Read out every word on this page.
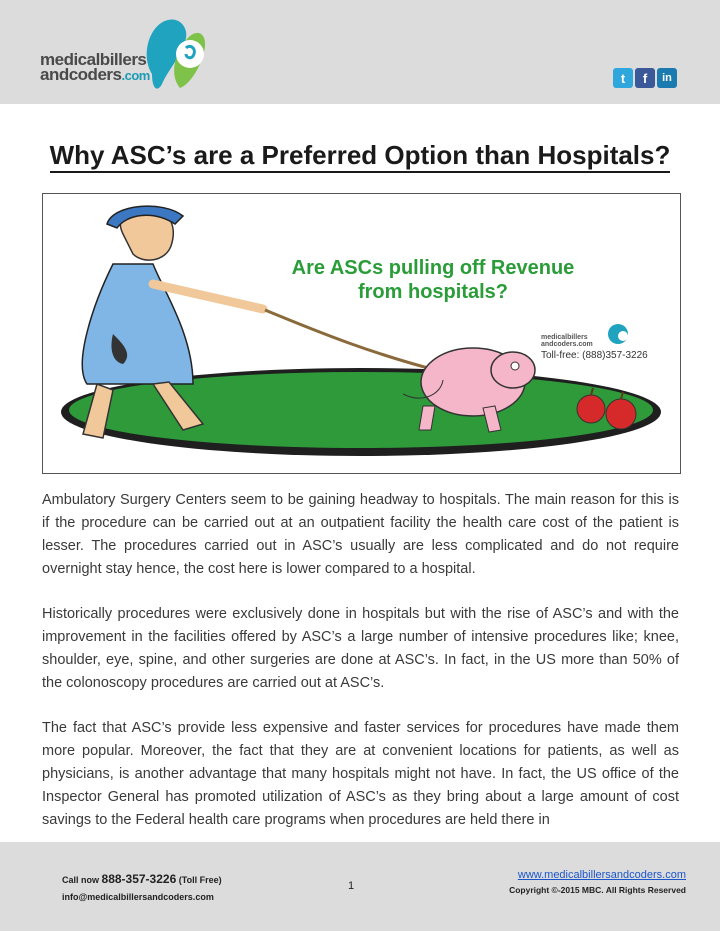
medicalbillers
andcoders.com	t	f	in
Why ASC’s are a Preferred Option than Hospitals?
Are ASCs pulling off Revenue
from hospitals?
medicalbillers
andcoders.com
Toll-free: (888)357-3226

Ambulatory Surgery Centers seem to be gaining headway to hospitals. The main reason for this is if the procedure can be carried out at an outpatient facility the health care cost of the patient is lesser. The procedures carried out in ASC’s usually are less complicated and do not require overnight stay hence, the cost here is lower compared to a hospital.

Historically procedures were exclusively done in hospitals but with the rise of ASC’s and with the improvement in the facilities offered by ASC’s a large number of intensive procedures like; knee, shoulder, eye, spine, and other surgeries are done at ASC’s. In fact, in the US more than 50% of the colonoscopy procedures are carried out at ASC’s.

The fact that ASC’s provide less expensive and faster services for procedures have made them more popular. Moreover, the fact that they are at convenient locations for patients, as well as physicians, is another advantage that many hospitals might not have. In fact, the US office of the Inspector General has promoted utilization of ASC’s as they bring about a large amount of cost savings to the Federal health care programs when procedures are held there in

Call now 888-357-3226 (Toll Free)
info@medicalbillersandcoders.com
1
www.medicalbillersandcoders.com
Copyright ©-2015 MBC. All Rights Reserved
